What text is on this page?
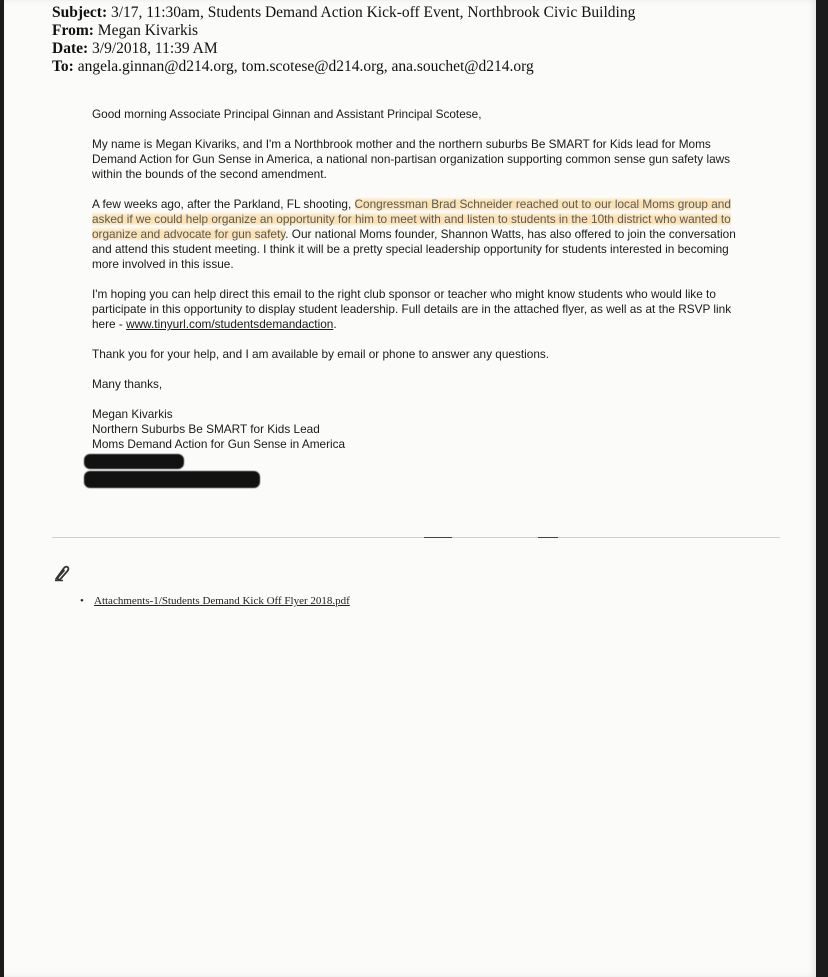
Subject: 3/17, 11:30am, Students Demand Action Kick-off Event, Northbrook Civic Building
From: Megan Kivarkis
Date: 3/9/2018, 11:39 AM
To: angela.ginnan@d214.org, tom.scotese@d214.org, ana.souchet@d214.org

Good morning Associate Principal Ginnan and Assistant Principal Scotese,

My name is Megan Kivariks, and I'm a Northbrook mother and the northern suburbs Be SMART for Kids lead for Moms Demand Action for Gun Sense in America, a national non-partisan organization supporting common sense gun safety laws within the bounds of the second amendment.

A few weeks ago, after the Parkland, FL shooting, Congressman Brad Schneider reached out to our local Moms group and asked if we could help organize an opportunity for him to meet with and listen to students in the 10th district who wanted to organize and advocate for gun safety. Our national Moms founder, Shannon Watts, has also offered to join the conversation and attend this student meeting. I think it will be a pretty special leadership opportunity for students interested in becoming more involved in this issue.

I'm hoping you can help direct this email to the right club sponsor or teacher who might know students who would like to participate in this opportunity to display student leadership. Full details are in the attached flyer, as well as at the RSVP link here - www.tinyurl.com/studentsdemandaction.

Thank you for your help, and I am available by email or phone to answer any questions.

Many thanks,

Megan Kivarkis

Northern Suburbs Be SMART for Kids Lead

Moms Demand Action for Gun Sense in America

• Attachments-1/Students Demand Kick Off Flyer 2018.pdf
